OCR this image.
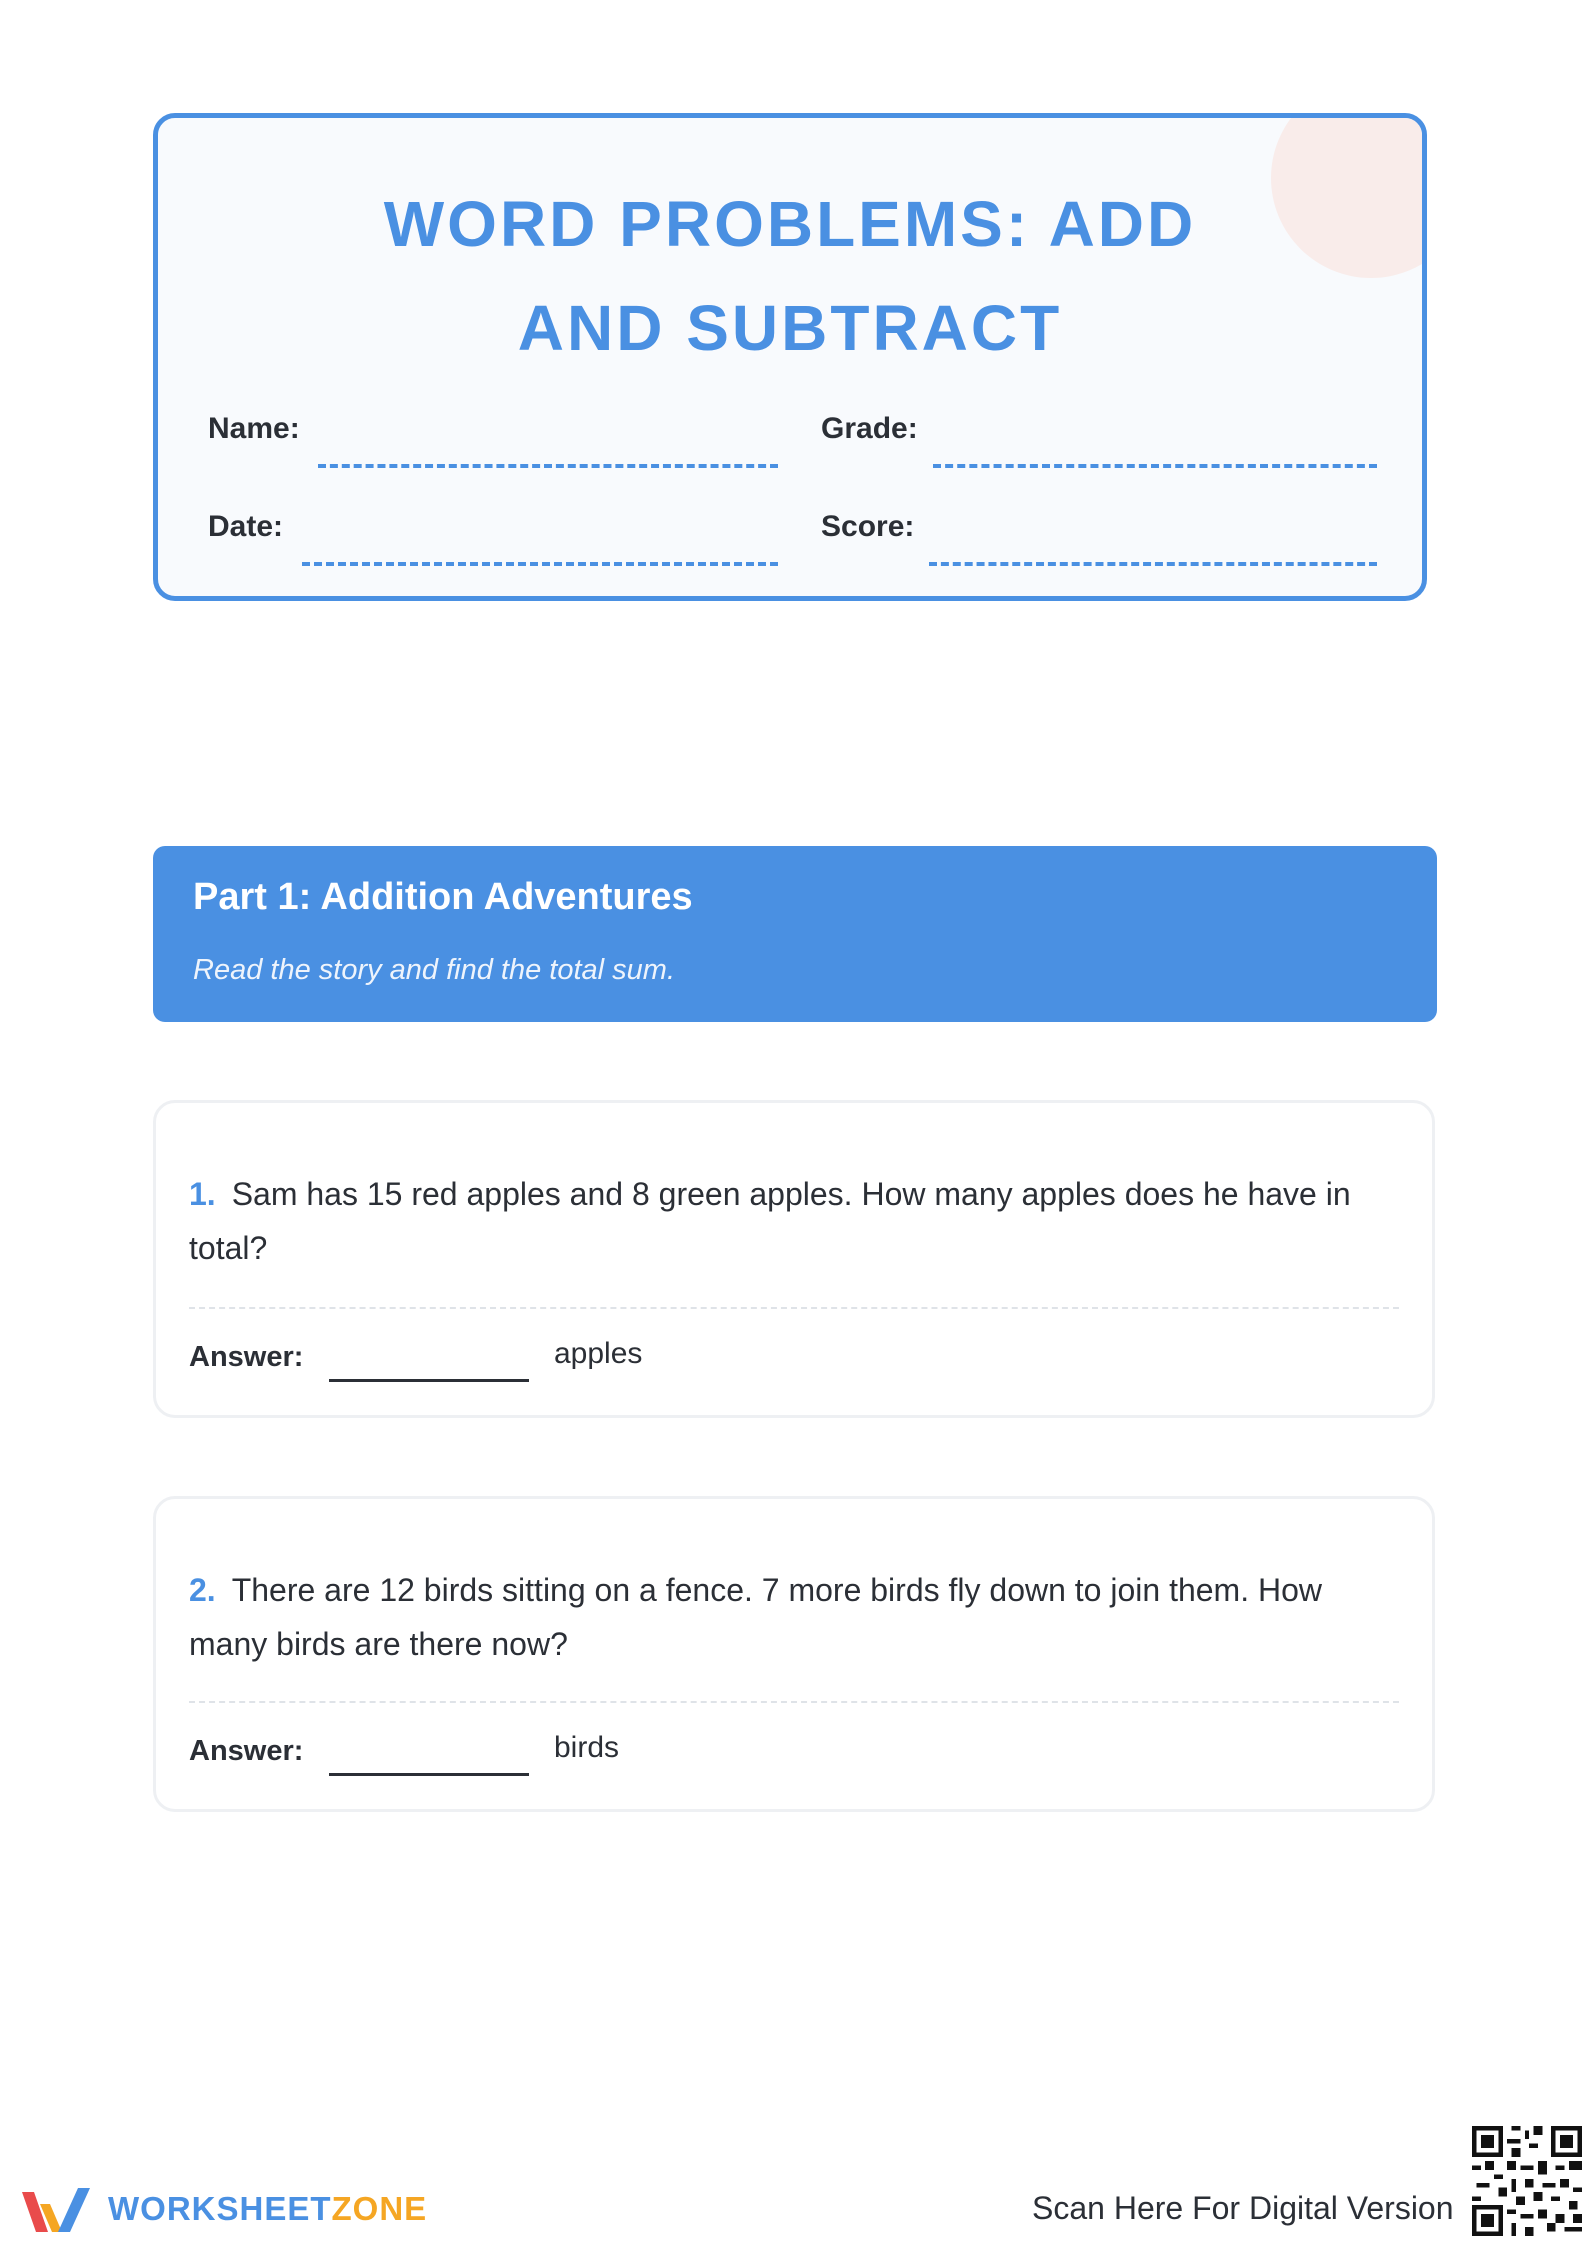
WORD PROBLEMS: ADD AND SUBTRACT
Name:	Grade:
Date:	Score:
Part 1: Addition Adventures
Read the story and find the total sum.

1. Sam has 15 red apples and 8 green apples. How many apples does he have in total?

Answer:	apples

2. There are 12 birds sitting on a fence. 7 more birds fly down to join them. How many birds are there now?

Answer:	birds
WORKSHEETZONE	Scan Here For Digital Version
